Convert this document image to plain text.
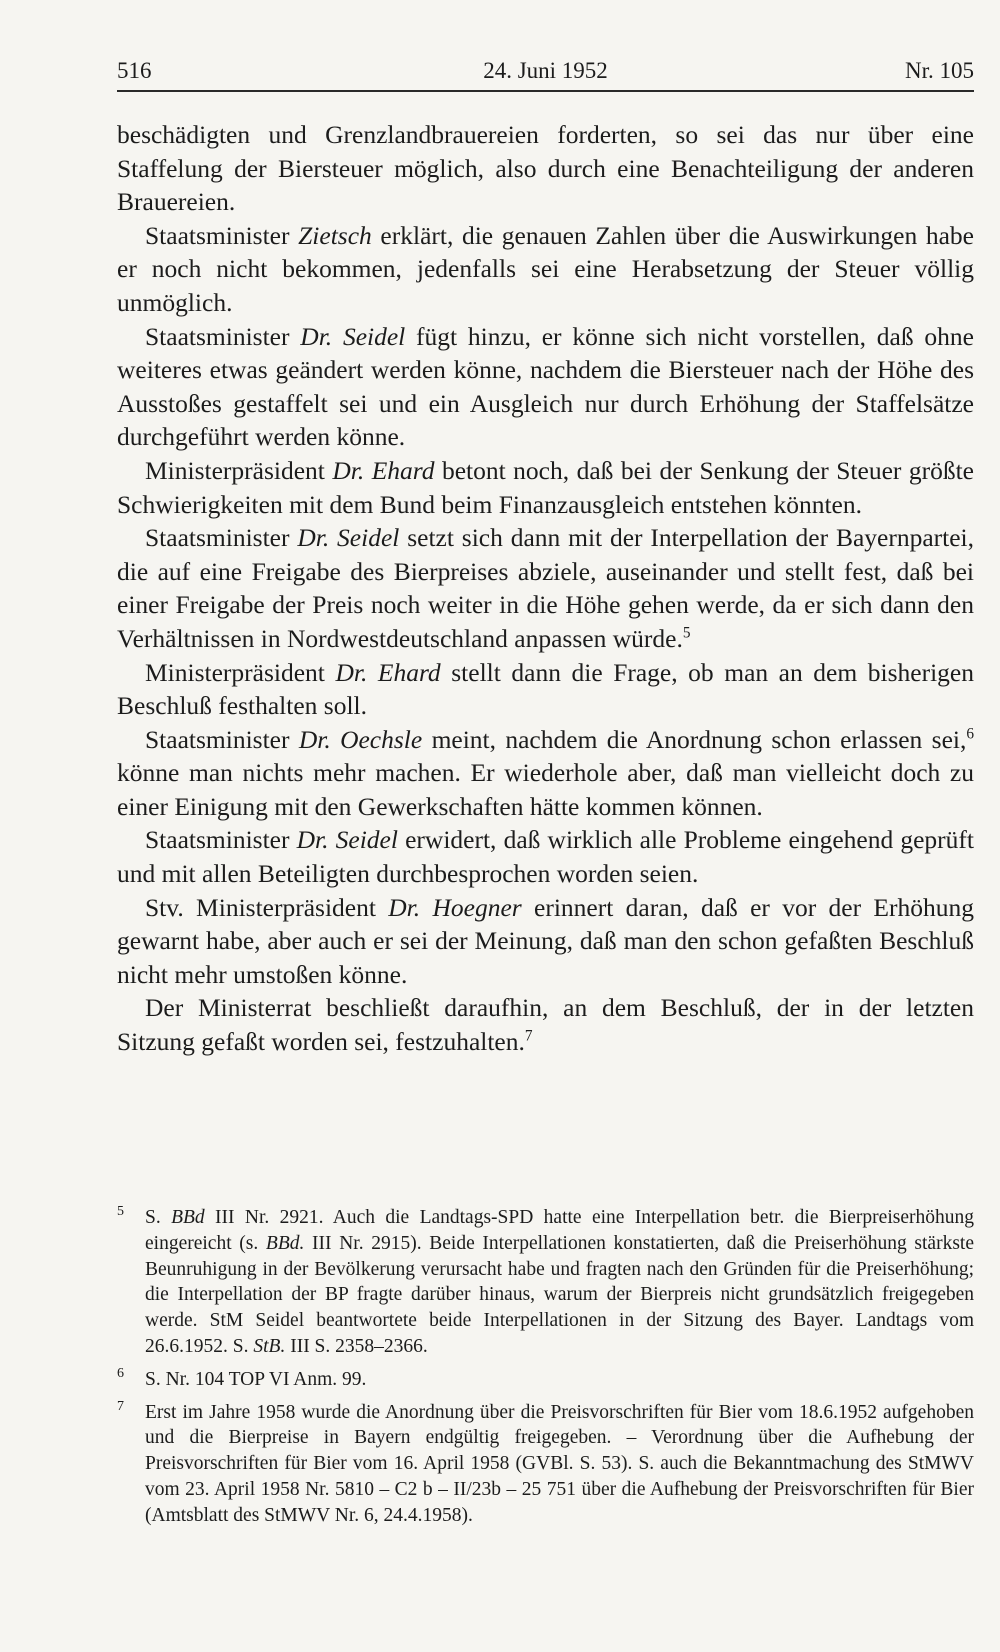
516	24. Juni 1952	Nr. 105

beschädigten und Grenzlandbrauereien forderten, so sei das nur über eine Staffelung der Biersteuer möglich, also durch eine Benachteiligung der anderen Brauereien.

Staatsminister Zietsch erklärt, die genauen Zahlen über die Auswirkungen habe er noch nicht bekommen, jedenfalls sei eine Herabsetzung der Steuer völlig unmöglich.

Staatsminister Dr. Seidel fügt hinzu, er könne sich nicht vorstellen, daß ohne weiteres etwas geändert werden könne, nachdem die Biersteuer nach der Höhe des Ausstoßes gestaffelt sei und ein Ausgleich nur durch Erhöhung der Staffelsätze durchgeführt werden könne.

Ministerpräsident Dr. Ehard betont noch, daß bei der Senkung der Steuer größte Schwierigkeiten mit dem Bund beim Finanzausgleich entstehen könnten.

Staatsminister Dr. Seidel setzt sich dann mit der Interpellation der Bayernpartei, die auf eine Freigabe des Bierpreises abziele, auseinander und stellt fest, daß bei einer Freigabe der Preis noch weiter in die Höhe gehen werde, da er sich dann den Verhältnissen in Nordwestdeutschland anpassen würde.$^5$

Ministerpräsident Dr. Ehard stellt dann die Frage, ob man an dem bisherigen Beschluß festhalten soll.

Staatsminister Dr. Oechsle meint, nachdem die Anordnung schon erlassen sei,$^6$ könne man nichts mehr machen. Er wiederhole aber, daß man vielleicht doch zu einer Einigung mit den Gewerkschaften hätte kommen können.

Staatsminister Dr. Seidel erwidert, daß wirklich alle Probleme eingehend geprüft und mit allen Beteiligten durchbesprochen worden seien.

Stv. Ministerpräsident Dr. Hoegner erinnert daran, daß er vor der Erhöhung gewarnt habe, aber auch er sei der Meinung, daß man den schon gefaßten Beschluß nicht mehr umstoßen könne.

Der Ministerrat beschließt daraufhin, an dem Beschluß, der in der letzten Sitzung gefaßt worden sei, festzuhalten.$^7$

5 S. BBd III Nr. 2921. Auch die Landtags-SPD hatte eine Interpellation betr. die Bierpreiserhöhung eingereicht (s. BBd. III Nr. 2915). Beide Interpellationen konstatierten, daß die Preiserhöhung stärkste Beunruhigung in der Bevölkerung verursacht habe und fragten nach den Gründen für die Preiserhöhung; die Interpellation der BP fragte darüber hinaus, warum der Bierpreis nicht grundsätzlich freigegeben werde. StM Seidel beantwortete beide Interpellationen in der Sitzung des Bayer. Landtags vom 26.6.1952. S. StB. III S. 2358–2366.
6 S. Nr. 104 TOP VI Anm. 99.
7 Erst im Jahre 1958 wurde die Anordnung über die Preisvorschriften für Bier vom 18.6.1952 aufgehoben und die Bierpreise in Bayern endgültig freigegeben. – Verordnung über die Aufhebung der Preisvorschriften für Bier vom 16. April 1958 (GVBl. S. 53). S. auch die Bekanntmachung des StMWV vom 23. April 1958 Nr. 5810 – C2 b – II/23b – 25 751 über die Aufhebung der Preisvorschriften für Bier (Amtsblatt des StMWV Nr. 6, 24.4.1958).
